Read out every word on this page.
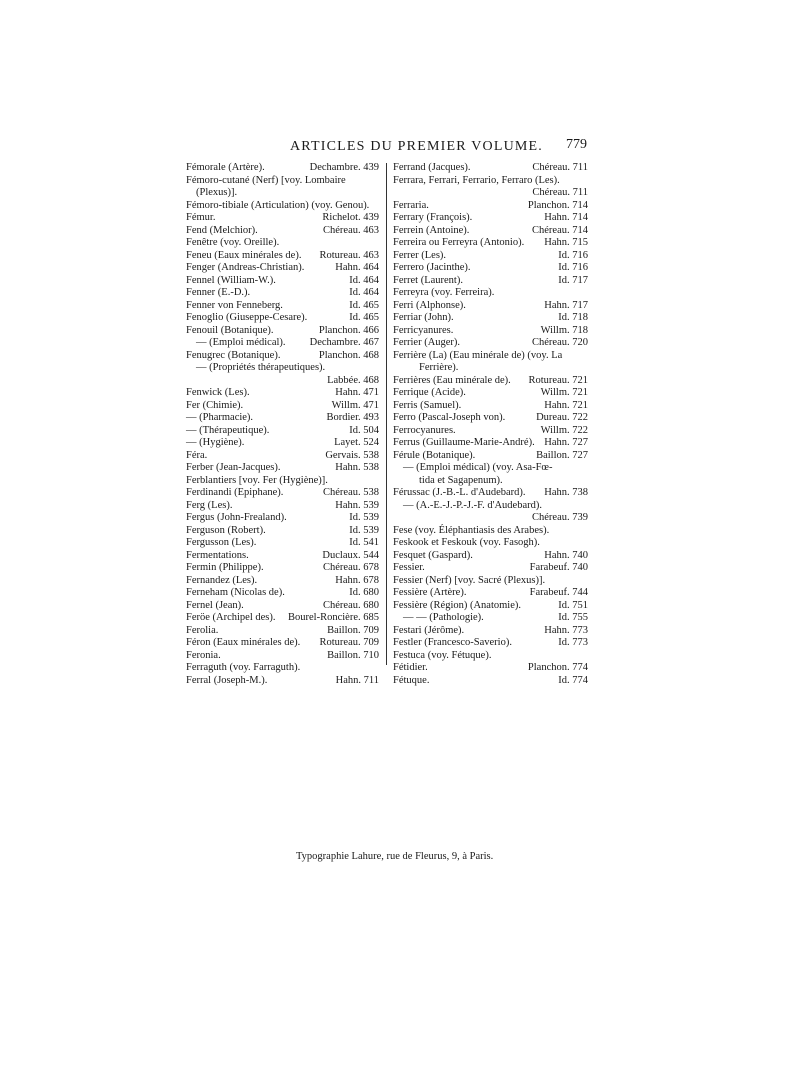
ARTICLES DU PREMIER VOLUME. 779
Fémorale (Artère).	Dechambre. 439
Fémoro-cutané (Nerf) [voy. Lombaire
(Plexus)].
Fémoro-tibiale (Articulation) (voy. Genou).
Fémur.	Richelot. 439
Fend (Melchior).	Chéreau. 463
Fenêtre (voy. Oreille).
Feneu (Eaux minérales de). Rotureau. 463
Fenger (Andreas-Christian).	Hahn. 464
Fennel (William-W.).	Id. 464
Fenner (E.-D.).	Id. 464
Fenner von Fenneberg.	Id. 465
Fenoglio (Giuseppe-Cesare).	Id. 465
Fenouil (Botanique).	Planchon. 466
— (Emploi médical). Dechambre. 467
Fenugrec (Botanique).	Planchon. 468
— (Propriétés thérapeutiques).
Labbée. 468
Fenwick (Les).	Hahn. 471
Fer (Chimie).	Willm. 471
— (Pharmacie).	Bordier. 493
— (Thérapeutique).	Id. 504
— (Hygiène).	Layet. 524
Féra.	Gervais. 538
Ferber (Jean-Jacques).	Hahn. 538
Ferblantiers [voy. Fer (Hygiène)].
Ferdinandi (Epiphane).	Chéreau. 538
Ferg (Les).	Hahn. 539
Fergus (John-Frealand).	Id. 539
Ferguson (Robert).	Id. 539
Fergusson (Les).	Id. 541
Fermentations.	Duclaux. 544
Fermin (Philippe).	Chéreau. 678
Fernandez (Les).	Hahn. 678
Ferneham (Nicolas de).	Id. 680
Fernel (Jean).	Chéreau. 680
Feröe (Archipel des). Bourel-Roncière. 685
Ferolia.	Baillon. 709
Féron (Eaux minérales de). Rotureau. 709
Feronia.	Baillon. 710
Ferraguth (voy. Farraguth).
Ferral (Joseph-M.).	Hahn. 711
Ferrand (Jacques).	Chéreau. 711
Ferrara, Ferrari, Ferrario, Ferraro (Les).
Chéreau. 711
Ferraria.	Planchon. 714
Ferrary (François).	Hahn. 714
Ferrein (Antoine).	Chéreau. 714
Ferreira ou Ferreyra (Antonio). Hahn. 715
Ferrer (Les).	Id. 716
Ferrero (Jacinthe).	Id. 716
Ferret (Laurent).	Id. 717
Ferreyra (voy. Ferreira).
Ferri (Alphonse).	Hahn. 717
Ferriar (John).	Id. 718
Ferricyanures.	Willm. 718
Ferrier (Auger).	Chéreau. 720
Ferrière (La) (Eau minérale de) (voy. La
Ferrière).
Ferrières (Eau minérale de). Rotureau. 721
Ferrique (Acide).	Willm. 721
Ferris (Samuel).	Hahn. 721
Ferro (Pascal-Joseph von).	Dureau. 722
Ferrocyanures.	Willm. 722
Ferrus (Guillaume-Marie-André). Hahn. 727
Férule (Botanique).	Baillon. 727
— (Emploi médical) (voy. Asa-Fœ-
tida et Sagapenum).
Férussac (J.-B.-L. d'Audebard). Hahn. 738
— (A.-E.-J.-P.-J.-F. d'Audebard).
Chéreau. 739
Fese (voy. Éléphantiasis des Arabes).
Feskook et Feskouk (voy. Fasogh).
Fesquet (Gaspard).	Hahn. 740
Fessier.	Farabeuf. 740
Fessier (Nerf) [voy. Sacré (Plexus)].
Fessière (Artère).	Farabeuf. 744
Fessière (Région) (Anatomie).	Id. 751
— — (Pathologie).	Id. 755
Festari (Jérôme).	Hahn. 773
Festler (Francesco-Saverio).	Id. 773
Festuca (voy. Fétuque).
Fétidier.	Planchon. 774
Fétuque.	Id. 774
Typographie Lahure, rue de Fleurus, 9, à Paris.
